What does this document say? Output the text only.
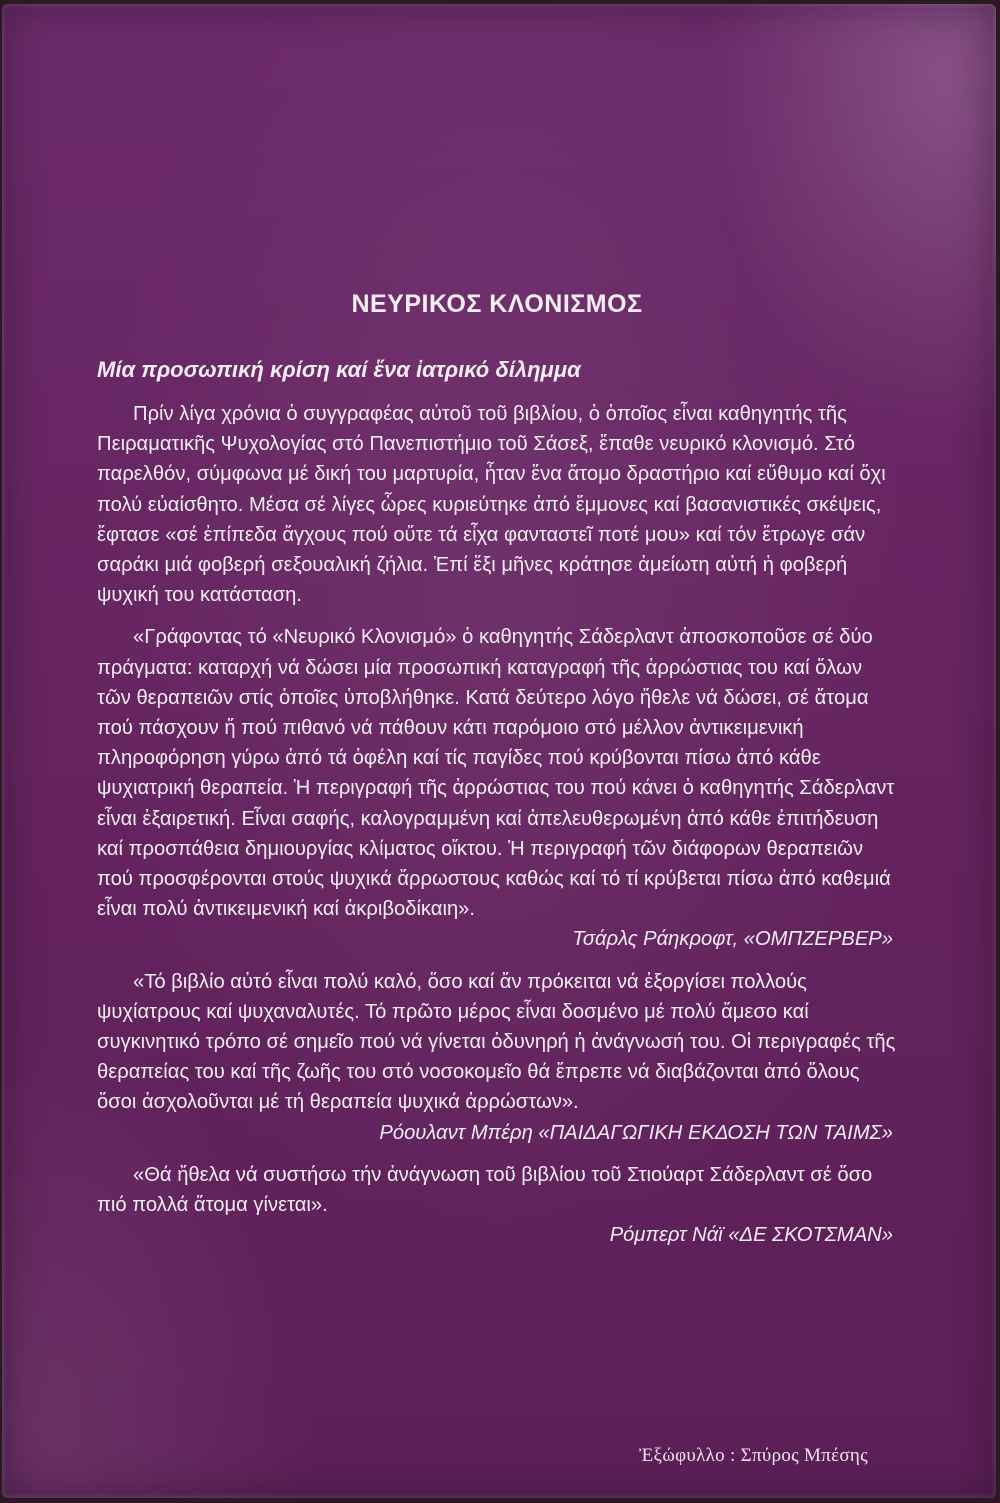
ΝΕΥΡΙΚΟΣ ΚΛΟΝΙΣΜΟΣ
Μία προσωπική κρίση καί ἕνα ἰατρικό δίλημμα

Πρίν λίγα χρόνια ὁ συγγραφέας αὐτοῦ τοῦ βιβλίου, ὁ ὁποῖος εἶναι καθηγητής τῆς Πειραματικῆς Ψυχολογίας στό Πανεπιστήμιο τοῦ Σάσεξ, ἔπαθε νευρικό κλονισμό. Στό παρελθόν, σύμφωνα μέ δική του μαρτυρία, ἦταν ἕνα ἄτομο δραστήριο καί εὔθυμο καί ὄχι πολύ εὐαίσθητο. Μέσα σέ λίγες ὧρες κυριεύτηκε ἀπό ἔμμονες καί βασανιστικές σκέψεις, ἔφτασε «σέ ἐπίπεδα ἄγχους πού οὔτε τά εἶχα φανταστεῖ ποτέ μου» καί τόν ἔτρωγε σάν σαράκι μιά φοβερή σεξουαλική ζήλια. Ἐπί ἕξι μῆνες κράτησε ἀμείωτη αὐτή ἡ φοβερή ψυχική του κατάσταση.

«Γράφοντας τό «Νευρικό Κλονισμό» ὁ καθηγητής Σάδερλαντ ἀποσκοποῦσε σέ δύο πράγματα: καταρχή νά δώσει μία προσωπική καταγραφή τῆς ἀρρώστιας του καί ὅλων τῶν θεραπειῶν στίς ὁποῖες ὑποβλήθηκε. Κατά δεύτερο λόγο ἤθελε νά δώσει, σέ ἄτομα πού πάσχουν ἤ πού πιθανό νά πάθουν κάτι παρόμοιο στό μέλλον ἀντικειμενική πληροφόρηση γύρω ἀπό τά ὀφέλη καί τίς παγίδες πού κρύβονται πίσω ἀπό κάθε ψυχιατρική θεραπεία. Ἡ περιγραφή τῆς ἀρρώστιας του πού κάνει ὁ καθηγητής Σάδερλαντ εἶναι ἐξαιρετική. Εἶναι σαφής, καλογραμμένη καί ἀπελευθερωμένη ἀπό κάθε ἐπιτήδευση καί προσπάθεια δημιουργίας κλίματος οἴκτου. Ἡ περιγραφή τῶν διάφορων θεραπειῶν πού προσφέρονται στούς ψυχικά ἄρρωστους καθώς καί τό τί κρύβεται πίσω ἀπό καθεμιά εἶναι πολύ ἀντικειμενική καί ἀκριβοδίκαιη».

Τσάρλς Ράηκροφτ, «ΟΜΠΖΕΡΒΕΡ»

«Τό βιβλίο αὐτό εἶναι πολύ καλό, ὅσο καί ἄν πρόκειται νά ἐξοργίσει πολλούς ψυχίατρους καί ψυχαναλυτές. Τό πρῶτο μέρος εἶναι δοσμένο μέ πολύ ἄμεσο καί συγκινητικό τρόπο σέ σημεῖο πού νά γίνεται ὀδυνηρή ἡ ἀνάγνωσή του. Οἱ περιγραφές τῆς θεραπείας του καί τῆς ζωῆς του στό νοσοκομεῖο θά ἔπρεπε νά διαβάζονται ἀπό ὅλους ὅσοι ἀσχολοῦνται μέ τή θεραπεία ψυχικά ἀρρώστων».

Ρόουλαντ Μπέρη «ΠΑΙΔΑΓΩΓΙΚΗ ΕΚΔΟΣΗ ΤΩΝ ΤΑΙΜΣ»

«Θά ἤθελα νά συστήσω τήν ἀνάγνωση τοῦ βιβλίου τοῦ Στιούαρτ Σάδερλαντ σέ ὅσο πιό πολλά ἄτομα γίνεται».

Ρόμπερτ Νάϊ «ΔΕ ΣΚΟΤΣΜΑΝ»

Ἐξώφυλλο : Σπύρος Μπέσης
